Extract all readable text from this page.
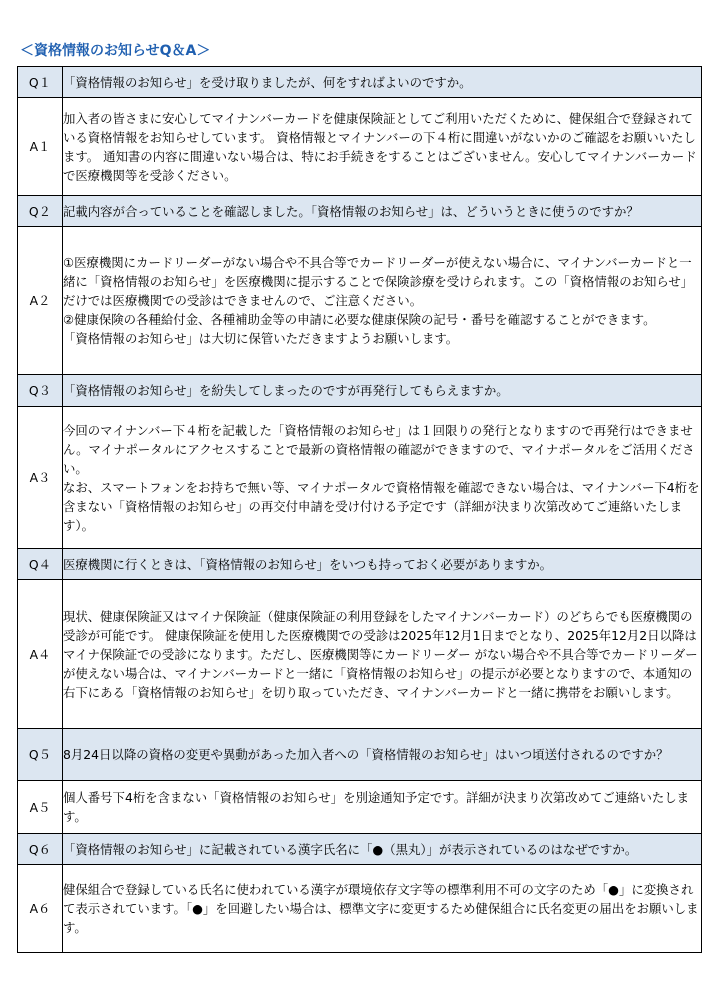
＜資格情報のお知らせQ＆A＞
Q１	「資格情報のお知らせ」を受け取りましたが、何をすればよいのですか。
A１	加入者の皆さまに安心してマイナンバーカードを健康保険証としてご利用いただくために、健保組合で登録されている資格情報をお知らせしています。 資格情報とマイナンバーの下４桁に間違いがないかのご確認をお願いいたします。 通知書の内容に間違いない場合は、特にお手続きをすることはございません。安心してマイナンバーカードで医療機関等を受診ください。
Q２	記載内容が合っていることを確認しました。「資格情報のお知らせ」は、どういうときに使うのですか？
A２	①医療機関にカードリーダーがない場合や不具合等でカードリーダーが使えない場合に、マイナンバーカードと一緒に「資格情報のお知らせ」を医療機関に提示することで保険診療を受けられます。この「資格情報のお知らせ」だけでは医療機関での受診はできませんので、ご注意ください。
②健康保険の各種給付金、各種補助金等の申請に必要な健康保険の記号・番号を確認することができます。
「資格情報のお知らせ」は大切に保管いただきますようお願いします。

Q３	「資格情報のお知らせ」を紛失してしまったのですが再発行してもらえますか。
A３	今回のマイナンバー下４桁を記載した「資格情報のお知らせ」は１回限りの発行となりますので再発行はできません。マイナポータルにアクセスすることで最新の資格情報の確認ができますので、マイナポータルをご活用ください。
なお、スマートフォンをお持ちで無い等、マイナポータルで資格情報を確認できない場合は、マイナンバー下4桁を含まない「資格情報のお知らせ」の再交付申請を受け付ける予定です（詳細が決まり次第改めてご連絡いたします）。

Q４	医療機関に行くときは、「資格情報のお知らせ」をいつも持っておく必要がありますか。
A４	現状、健康保険証又はマイナ保険証（健康保険証の利用登録をしたマイナンバーカード）のどちらでも医療機関の受診が可能です。 健康保険証を使用した医療機関での受診は2025年12月1日までとなり、2025年12月2日以降はマイナ保険証での受診になります。ただし、医療機関等にカードリーダー がない場合や不具合等でカードリーダーが使えない場合は、マイナンバーカードと一緒に「資格情報のお知らせ」の提示が必要となりますので、本通知の右下にある「資格情報のお知らせ」を切り取っていただき、マイナンバーカードと一緒に携帯をお願いします。
Q５	8月24日以降の資格の変更や異動があった加入者への「資格情報のお知らせ」はいつ頃送付されるのですか？
A５	個人番号下4桁を含まない「資格情報のお知らせ」を別途通知予定です。詳細が決まり次第改めてご連絡いたします。
Q６	「資格情報のお知らせ」に記載されている漢字氏名に「●（黒丸）」が表示されているのはなぜですか。
A６	健保組合で登録している氏名に使われている漢字が環境依存文字等の標準利用不可の文字のため「●」に変換されて表示されています。「●」を回避したい場合は、標準文字に変更するため健保組合に氏名変更の届出をお願いします。
